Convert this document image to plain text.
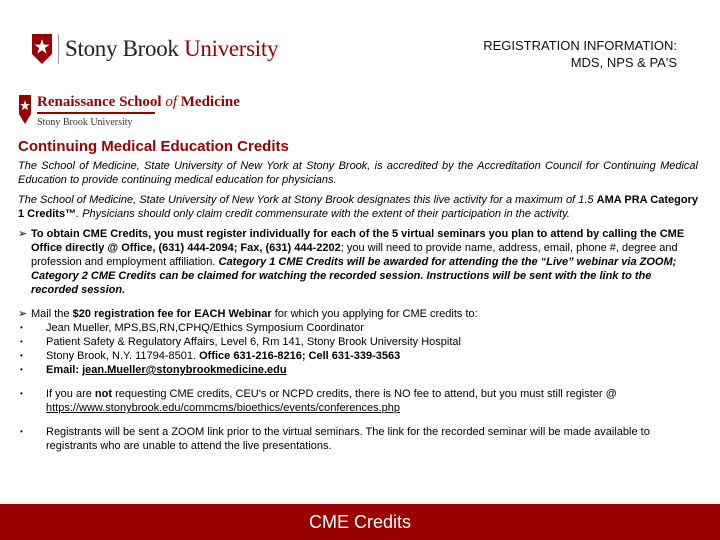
Stony Brook University	REGISTRATION INFORMATION:
MDS, NPS & PA'S
Renaissance School of Medicine
Stony Brook University
Continuing Medical Education Credits

The School of Medicine, State University of New York at Stony Brook, is accredited by the Accreditation Council for Continuing Medical Education to provide continuing medical education for physicians.

The School of Medicine, State University of New York at Stony Brook designates this live activity for a maximum of 1.5 AMA PRA Category 1 Credits™. Physicians should only claim credit commensurate with the extent of their participation in the activity.

➢ To obtain CME Credits, you must register individually for each of the 5 virtual seminars you plan to attend by calling the CME Office directly @ Office, (631) 444-2094; Fax, (631) 444-2202; you will need to provide name, address, email, phone #, degree and profession and employment affiliation. Category 1 CME Credits will be awarded for attending the the “Live” webinar via ZOOM; Category 2 CME Credits can be claimed for watching the recorded session. Instructions will be sent with the link to the recorded session.
➢ Mail the $20 registration fee for EACH Webinar for which you applying for CME credits to:
• Jean Mueller, MPS,BS,RN,CPHQ/Ethics Symposium Coordinator
• Patient Safety & Regulatory Affairs, Level 6, Rm 141, Stony Brook University Hospital
• Stony Brook, N.Y. 11794-8501. Office 631-216-8216; Cell 631-339-3563
• Email: jean.Mueller@stonybrookmedicine.edu
• If you are not requesting CME credits, CEU's or NCPD credits, there is NO fee to attend, but you must still register @ https://www.stonybrook.edu/commcms/bioethics/events/conferences.php
• Registrants will be sent a ZOOM link prior to the virtual seminars. The link for the recorded seminar will be made available to registrants who are unable to attend the live presentations.
CME Credits
